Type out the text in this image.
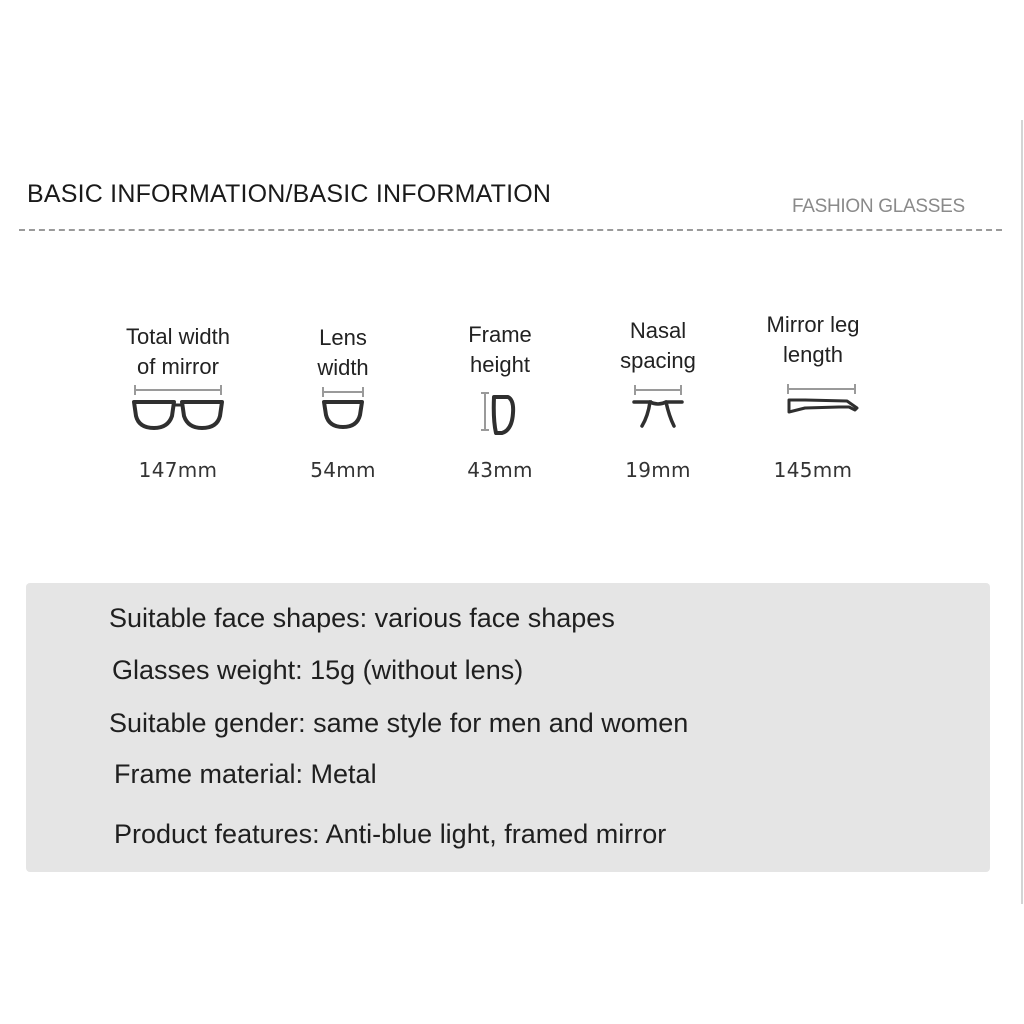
BASIC INFORMATION/BASIC INFORMATION	FASHION GLASSES
Total width
of mirror
147mm
Lens
width
54mm
Frame
height
43mm
Nasal
spacing
19mm
Mirror leg
length
145mm
Suitable face shapes: various face shapes
Glasses weight: 15g (without lens)
Suitable gender: same style for men and women
Frame material: Metal
Product features: Anti-blue light, framed mirror
